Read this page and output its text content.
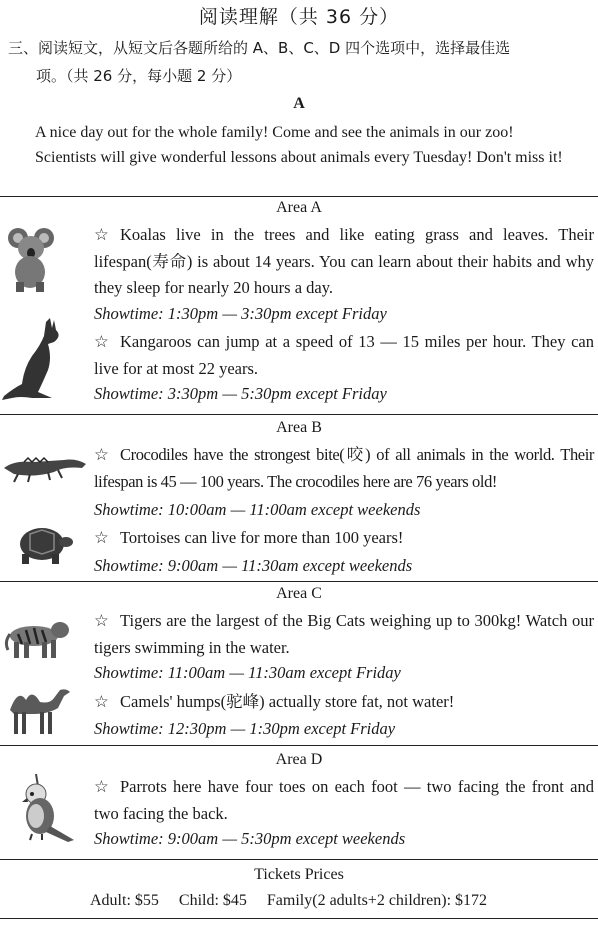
阅读理解（共 36 分）
三、阅读短文，从短文后各题所给的 A、B、C、D 四个选项中，选择最佳选
项。（共 26 分，每小题 2 分）
A

A nice day out for the whole family! Come and see the animals in our zoo!

Scientists will give wonderful lessons about animals every Tuesday! Don't miss it!

Area A
☆ Koalas live in the trees and like eating grass and leaves. Their lifespan(寿命) is about 14 years. You can learn about their habits and why they sleep for nearly 20 hours a day.
Showtime: 1:30pm — 3:30pm except Friday
☆ Kangaroos can jump at a speed of 13 — 15 miles per hour. They can live for at most 22 years.
Showtime: 3:30pm — 5:30pm except Friday
Area B
☆ Crocodiles have the strongest bite(咬) of all animals in the world. Their lifespan is 45 — 100 years. The crocodiles here are 76 years old!
Showtime: 10:00am — 11:00am except weekends
☆ Tortoises can live for more than 100 years!
Showtime: 9:00am — 11:30am except weekends
Area C
☆ Tigers are the largest of the Big Cats weighing up to 300kg! Watch our tigers swimming in the water.
Showtime: 11:00am — 11:30am except Friday
☆ Camels' humps(驼峰) actually store fat, not water!
Showtime: 12:30pm — 1:30pm except Friday
Area D
☆ Parrots here have four toes on each foot — two facing the front and two facing the back.
Showtime: 9:00am — 5:30pm except weekends
Tickets Prices
Adult: $55 Child: $45 Family(2 adults+2 children): $172
